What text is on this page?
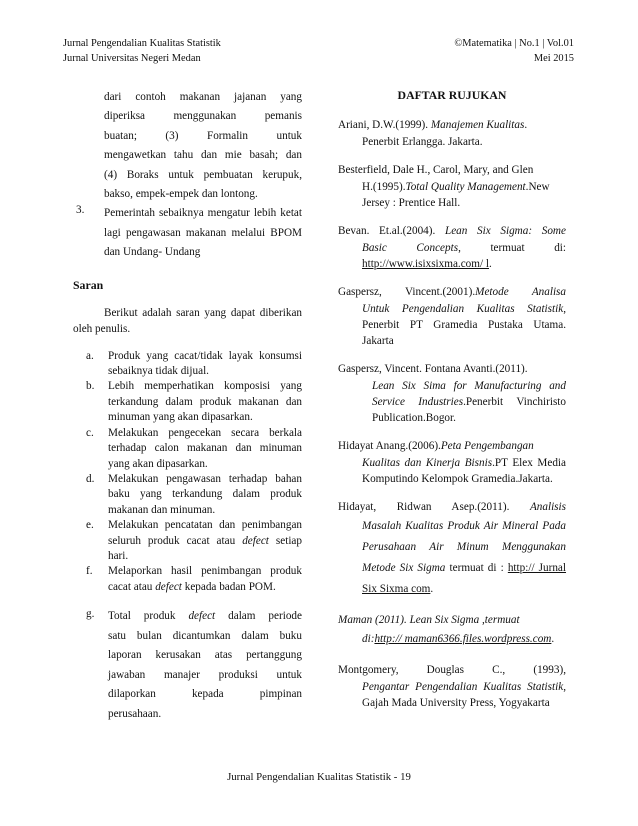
Jurnal Pengendalian Kualitas Statistik
Jurnal Universitas Negeri Medan
©Matematika | No.1 | Vol.01
Mei 2015

dari contoh makanan jajanan yang

diperiksa menggunakan pemanis

buatan; (3) Formalin untuk

mengawetkan tahu dan mie basah; dan

(4) Boraks untuk pembuatan kerupuk,

bakso, empek-empek dan lontong.

3.	Pemerintah sebaiknya mengatur lebih ketat lagi pengawasan makanan melalui BPOM dan Undang- Undang
Saran

Berikut adalah saran yang dapat diberikan oleh penulis.

a.	Produk yang cacat/tidak layak konsumsi sebaiknya tidak dijual.
b.	Lebih memperhatikan komposisi yang terkandung dalam produk makanan dan minuman yang akan dipasarkan.
c.	Melakukan pengecekan secara berkala terhadap calon makanan dan minuman yang akan dipasarkan.
d.	Melakukan pengawasan terhadap bahan baku yang terkandung dalam produk makanan dan minuman.
e.	Melakukan pencatatan dan penimbangan seluruh produk cacat atau defect setiap hari.
f.	Melaporkan hasil penimbangan produk cacat atau defect kepada badan POM.
g.	Total produk defect dalam periode

satu bulan dicantumkan dalam buku

laporan kerusakan atas pertanggung

jawaban manajer produksi untuk

dilaporkan kepada pimpinan

perusahaan.

DAFTAR RUJUKAN
Ariani, D.W.(1999). Manajemen Kualitas.
Penerbit Erlangga. Jakarta.
Besterfield, Dale H., Carol, Mary, and Glen
H.(1995).Total Quality Management.New Jersey : Prentice Hall.
Bevan. Et.al.(2004). Lean Six Sigma: Some
Basic Concepts, termuat di: http://www.isixsixma.com/ l.
Gaspersz, Vincent.(2001).Metode Analisa
Untuk Pengendalian Kualitas Statistik, Penerbit PT Gramedia Pustaka Utama. Jakarta
Gaspersz, Vincent. Fontana Avanti.(2011).
Lean Six Sima for Manufacturing and Service Industries.Penerbit Vinchiristo Publication.Bogor.
Hidayat Anang.(2006).Peta Pengembangan
Kualitas dan Kinerja Bisnis.PT Elex Media Komputindo Kelompok Gramedia.Jakarta.
Hidayat, Ridwan Asep.(2011). Analisis
Masalah Kualitas Produk Air Mineral Pada Perusahaan Air Minum Menggunakan Metode Six Sigma termuat di : http:// Jurnal Six Sixma com.
Maman (2011). Lean Six Sigma ,termuat
di:http:// maman6366.files.wordpress.com.
Montgomery, Douglas C., (1993),
Pengantar Pengendalian Kualitas Statistik, Gajah Mada University Press, Yogyakarta
Jurnal Pengendalian Kualitas Statistik - 19
